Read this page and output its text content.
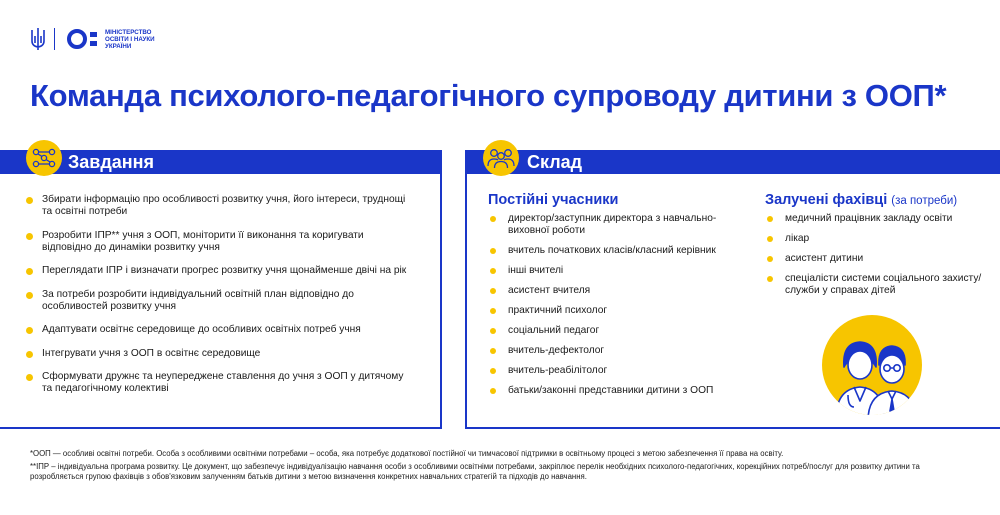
МІНІСТЕРСТВО
ОСВІТИ І НАУКИ
УКРАЇНИ
Команда психолого-педагогічного супроводу дитини з ООП*
Завдання
Збирати інформацію про особливості розвитку учня, його інтереси, труднощі та освітні потреби
Розробити ІПР** учня з ООП, моніторити її виконання та коригувати відповідно до динаміки розвитку учня
Переглядати ІПР і визначати прогрес розвитку учня щонайменше двічі на рік
За потреби розробити індивідуальний освітній план відповідно до особливостей розвитку учня
Адаптувати освітнє середовище до особливих освітніх потреб учня
Інтегрувати учня з ООП в освітнє середовище
Сформувати дружнє та неупереджене ставлення до учня з ООП у дитячому та педагогічному колективі
Склад
Постійні учасники
директор/заступник директора з навчально-виховної роботи
вчитель початкових класів/класний керівник
інші вчителі
асистент вчителя
практичний психолог
соціальний педагог
вчитель-дефектолог
вчитель-реабілітолог
батьки/законні представники дитини з ООП
Залучені фахівці (за потреби)
медичний працівник закладу освіти
лікар
асистент дитини
спеціалісти системи соціального захисту/служби у справах дітей

*ООП — особливі освітні потреби. Особа з особливими освітніми потребами – особа, яка потребує додаткової постійної чи тимчасової підтримки в освітньому процесі з метою забезпечення її права на освіту.

**ІПР – індивідуальна програма розвитку. Це документ, що забезпечує індивідуалізацію навчання особи з особливими освітніми потребами, закріплює перелік необхідних психолого-педагогічних, корекційних потреб/послуг для розвитку дитини та розробляється групою фахівців з обов'язковим залученням батьків дитини з метою визначення конкретних навчальних стратегій та підходів до навчання.
